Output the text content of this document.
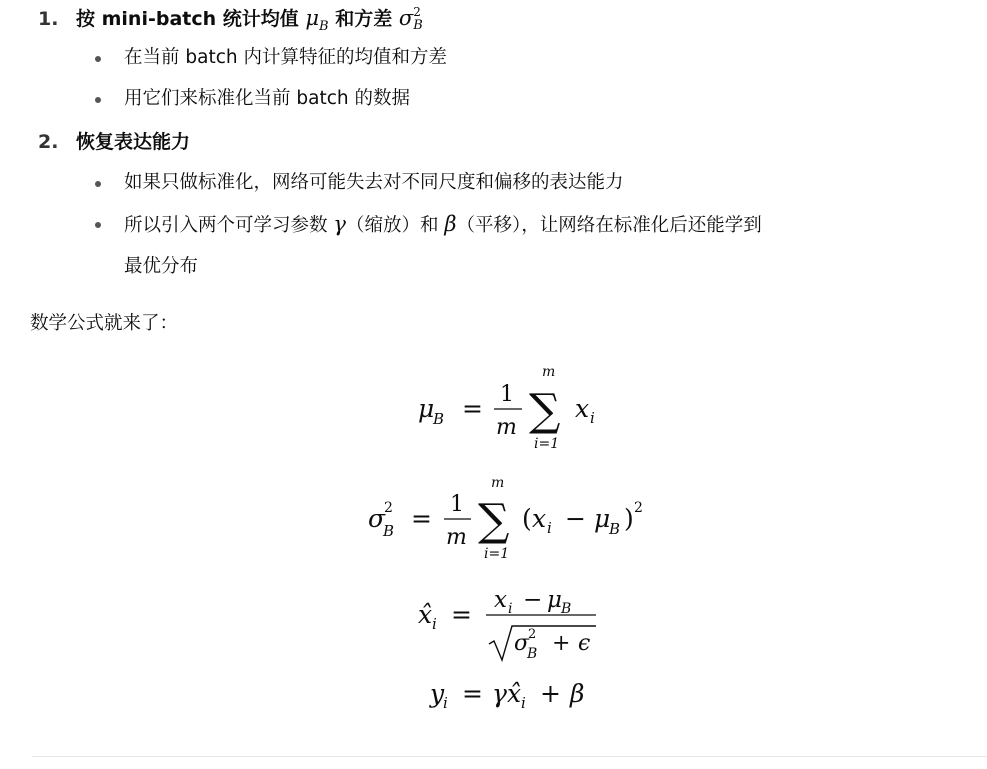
1. 按 mini-batch 统计均值 $\mu_B$ 和方差 σ 2
B
在当前 batch 内计算特征的均值和方差
用它们来标准化当前 batch 的数据
2. 恢复表达能力
如果只做标准化，网络可能失去对不同尺度和偏移的表达能力
所以引入两个可学习参数 γ（缩放）和 β（平移），让网络在标准化后还能学到
最优分布
数学公式就来了：
μ
B = 1
m
m
∑
i=1
x i
σ
2
B = 1
m
m
∑
i=1
( x i − μ
B ) 2
x̂ i = x i − μ B
σ
2
B + ϵ
y
i = γ x̂ i + β
